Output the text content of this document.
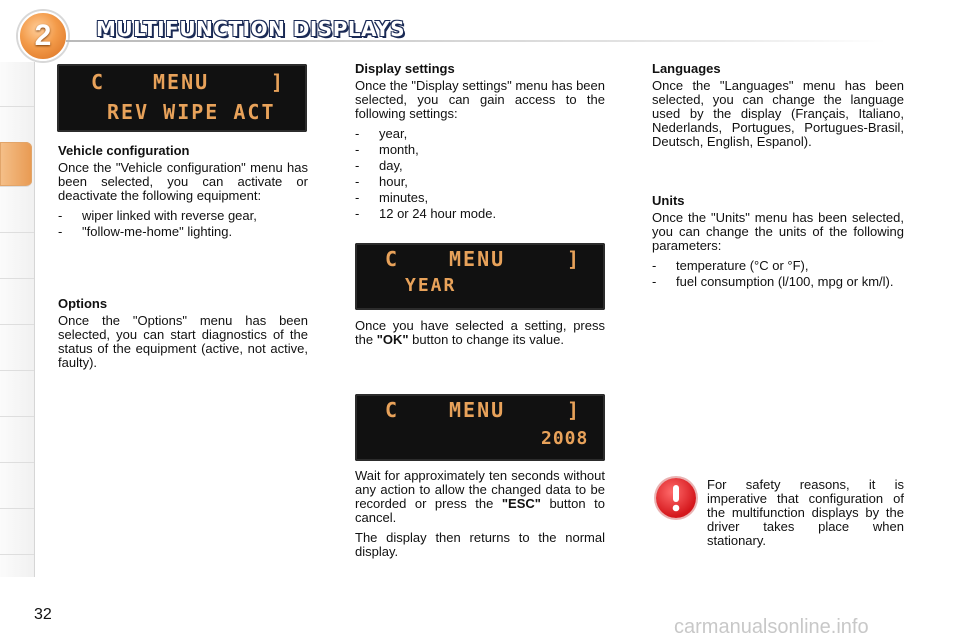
2	MULTIFUNCTION DISPLAYS
C MENU	]
REV WIPE ACT
Vehicle configuration

Once the "Vehicle configuration" menu has been selected, you can activate or deactivate the following equipment:

-	wiper linked with reverse gear,
-	"follow-me-home" lighting.
Options

Once the "Options" menu has been selected, you can start diagnostics of the status of the equipment (active, not active, faulty).

Display settings

Once the "Display settings" menu has been selected, you can gain access to the following settings:

-	year,
-	month,
-	day,
-	hour,
-	minutes,
-	12 or 24 hour mode.
C MENU	]
YEAR

Once you have selected a setting, press the "OK" button to change its value.

C MENU	]
2008

Wait for approximately ten seconds without any action to allow the changed data to be recorded or press the "ESC" button to cancel.

The display then returns to the normal display.

Languages

Once the "Languages" menu has been selected, you can change the language used by the display (Français, Italiano, Nederlands, Portugues, Portugues-Brasil, Deutsch, English, Espanol).

Units

Once the "Units" menu has been selected, you can change the units of the following parameters:

-	temperature (°C or °F),
-	fuel consumption (l/100, mpg or km/l).

For safety reasons, it is imperative that configuration of the multifunction displays by the driver takes place when stationary.

32
carmanualsonline.info
